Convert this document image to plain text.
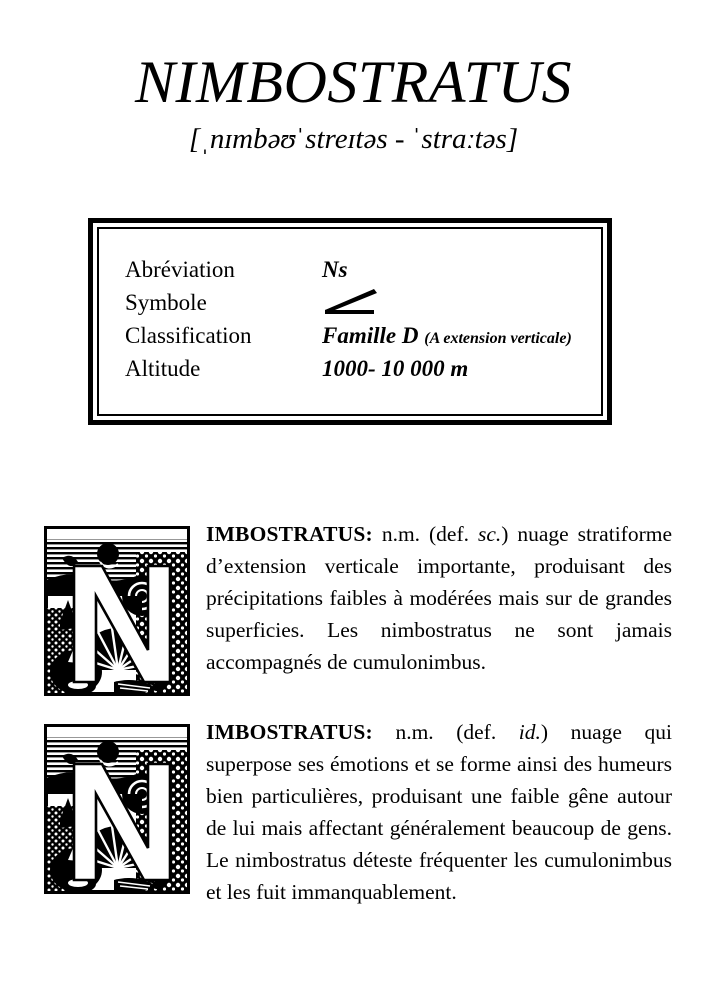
NIMBOSTRATUS
[ˌnɪmbəʊˈstreɪtəs - ˈstraːtəs]
Abréviation	Ns
Symbole
Classification	Famille D (A extension verticale)
Altitude	1000- 10 000 m
IMBOSTRATUS: n.m. (def. sc.) nuage stratiforme d’extension verticale importante, produisant des précipitations faibles à modérées mais sur de grandes superficies. Les nimbostratus ne sont jamais accompagnés de cumulonimbus.
IMBOSTRATUS: n.m. (def. id.) nuage qui superpose ses émotions et se forme ainsi des humeurs bien particulières, produisant une faible gêne autour de lui mais affectant généralement beaucoup de gens. Le nimbostratus déteste fréquenter les cumulonimbus et les fuit immanquablement.
